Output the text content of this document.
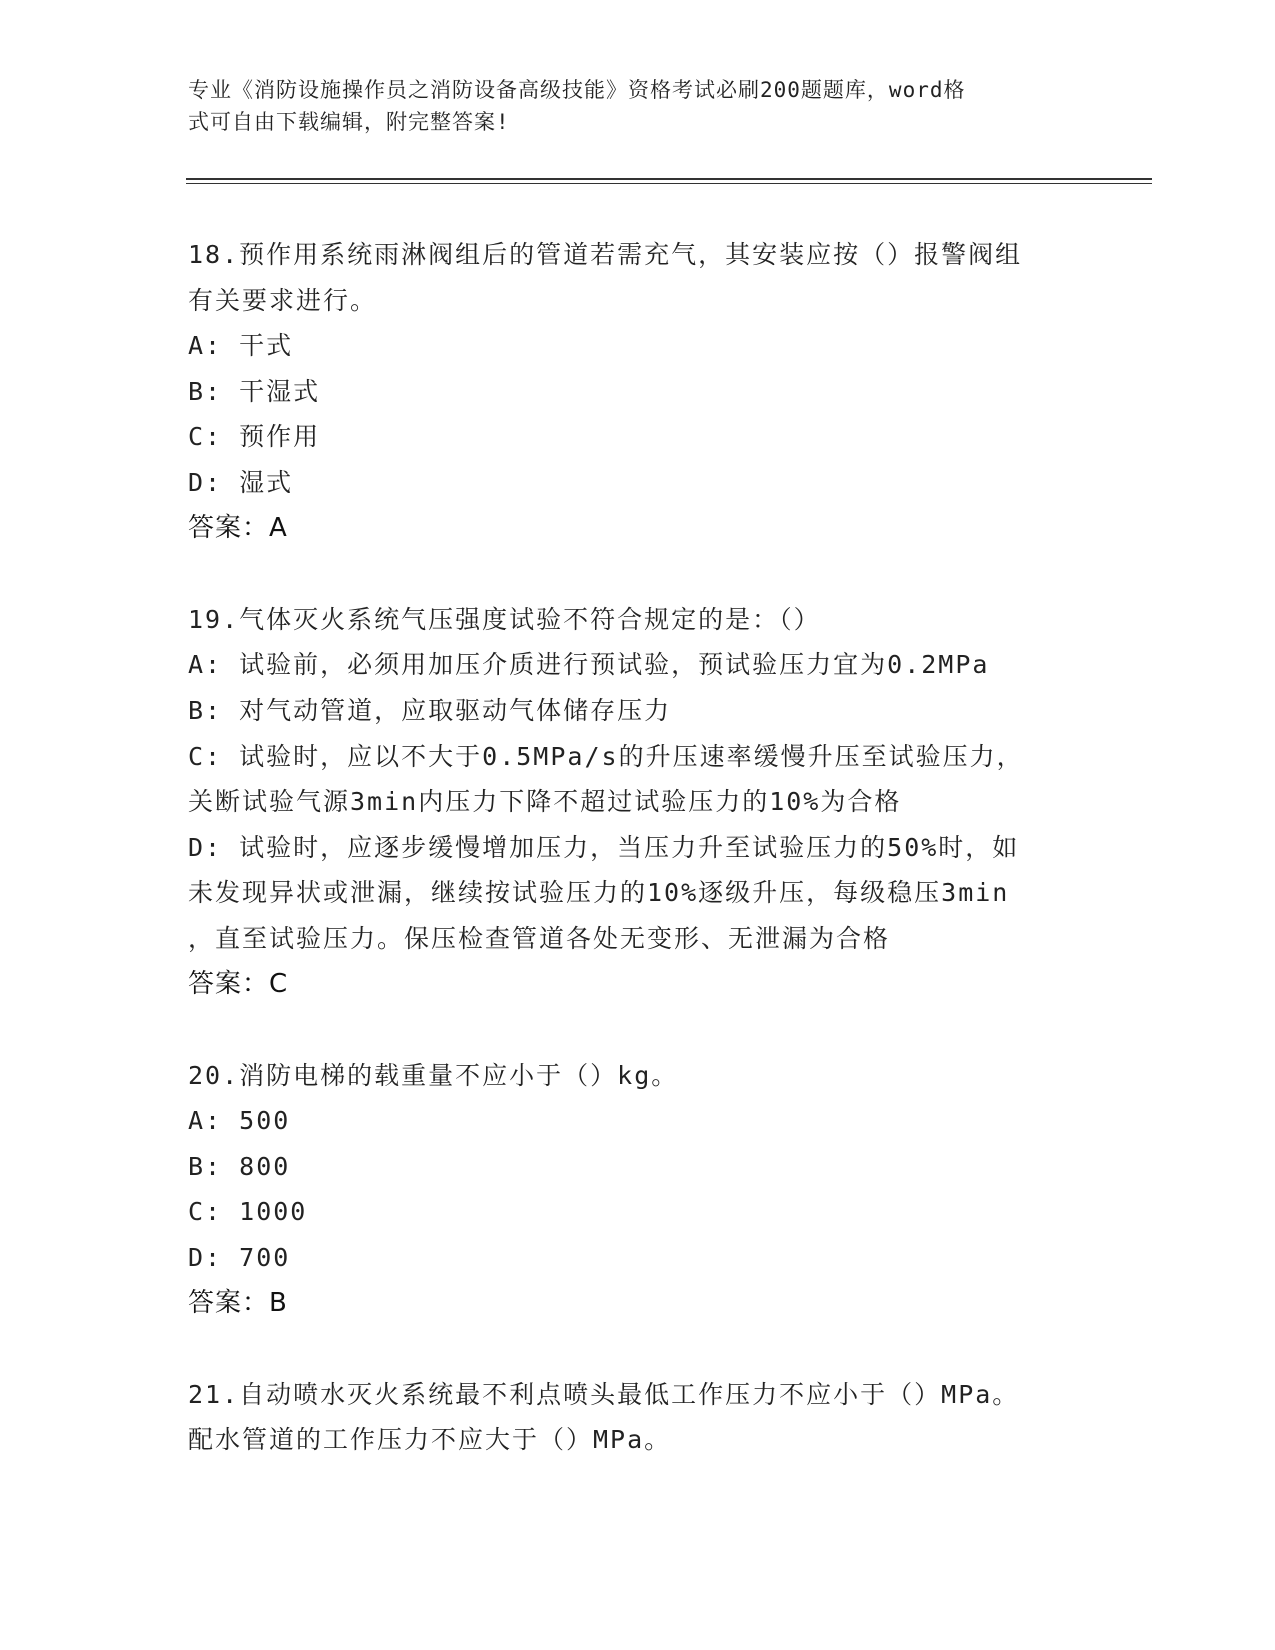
专业《消防设施操作员之消防设备高级技能》资格考试必刷200题题库，word格
式可自由下载编辑，附完整答案!
18.预作用系统雨淋阀组后的管道若需充气，其安装应按（）报警阀组
有关要求进行。
A: 干式
B: 干湿式
C: 预作用
D: 湿式
答案：A
19.气体灭火系统气压强度试验不符合规定的是：（）
A: 试验前，必须用加压介质进行预试验，预试验压力宜为0.2MPa
B: 对气动管道，应取驱动气体储存压力
C: 试验时，应以不大于0.5MPa/s的升压速率缓慢升压至试验压力，
关断试验气源3min内压力下降不超过试验压力的10%为合格
D: 试验时，应逐步缓慢增加压力，当压力升至试验压力的50%时，如
未发现异状或泄漏，继续按试验压力的10%逐级升压，每级稳压3min
，直至试验压力。保压检查管道各处无变形、无泄漏为合格
答案：C
20.消防电梯的载重量不应小于（）kg。
A: 500
B: 800
C: 1000
D: 700
答案：B
21.自动喷水灭火系统最不利点喷头最低工作压力不应小于（）MPa。
配水管道的工作压力不应大于（）MPa。
